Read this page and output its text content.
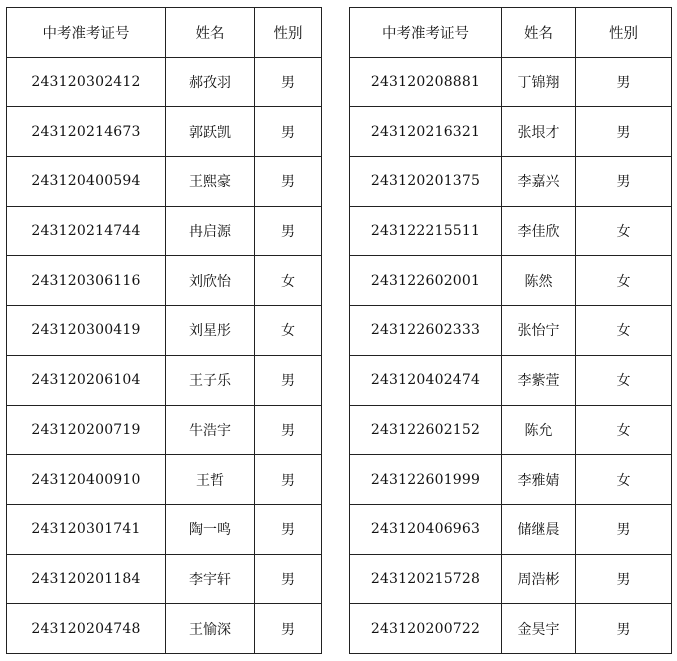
中考准考证号	姓名	性别
243120302412	郝孜羽	男
243120214673	郭跃凯	男
243120400594	王熙豪	男
243120214744	冉启源	男
243120306116	刘欣怡	女
243120300419	刘星彤	女
243120206104	王子乐	男
243120200719	牛浩宇	男
243120400910	王哲	男
243120301741	陶一鸣	男
243120201184	李宇轩	男
243120204748	王愉深	男
中考准考证号	姓名	性别
243120208881	丁锦翔	男
243120216321	张垠才	男
243120201375	李嘉兴	男
243122215511	李佳欣	女
243122602001	陈然	女
243122602333	张怡宁	女
243120402474	李紫萱	女
243122602152	陈允	女
243122601999	李雅婧	女
243120406963	储继晨	男
243120215728	周浩彬	男
243120200722	金昊宇	男
